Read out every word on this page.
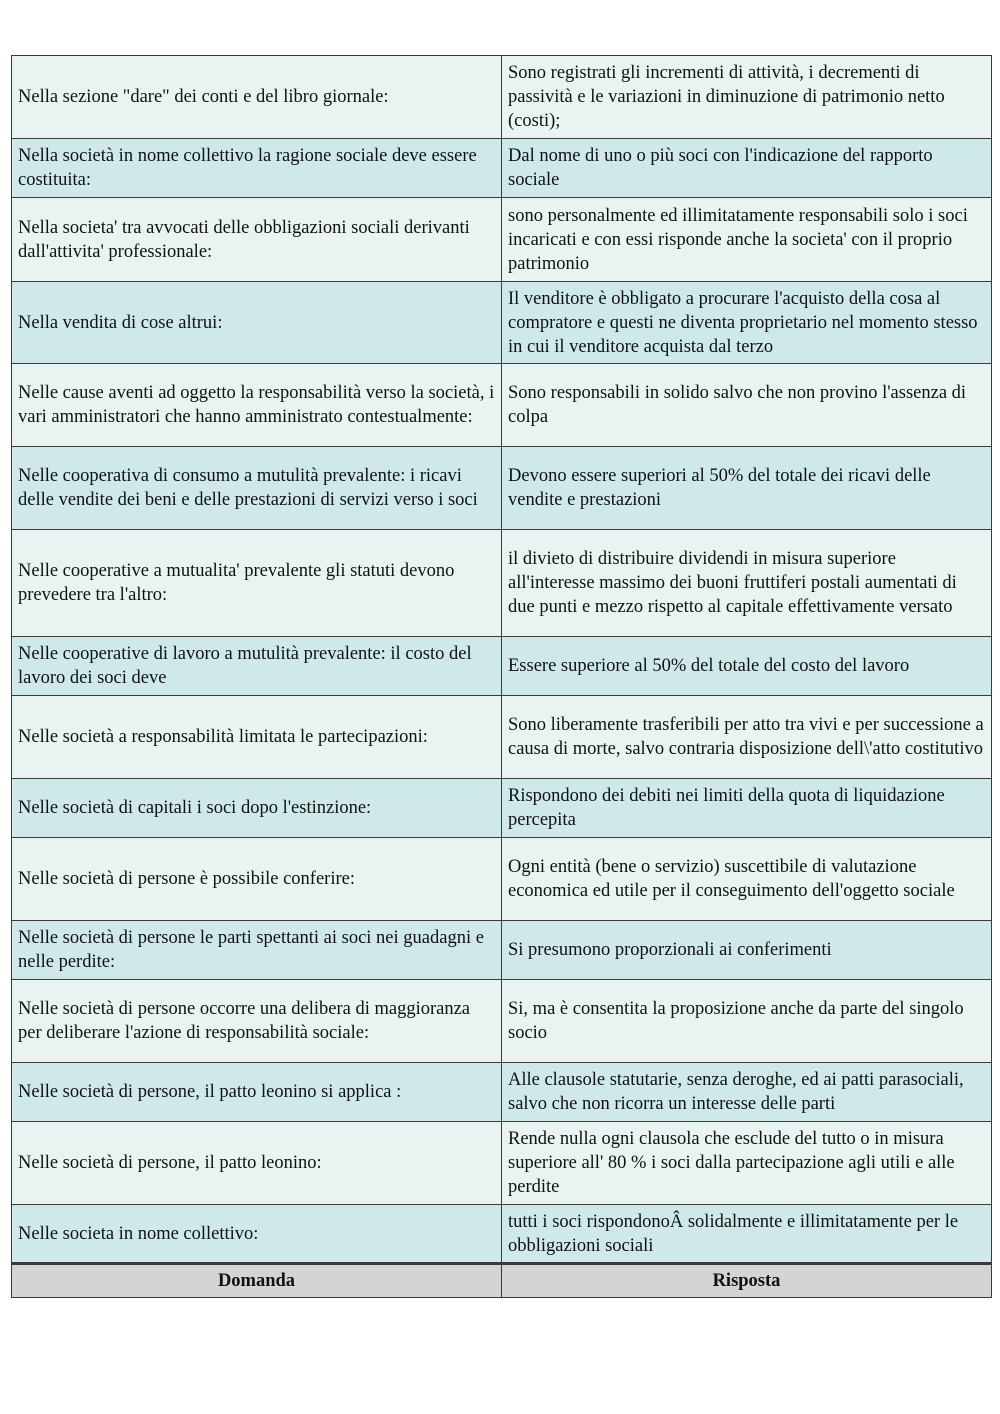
Nella sezione "dare" dei conti e del libro giornale:	Sono registrati gli incrementi di attività, i decrementi di passività e le variazioni in diminuzione di patrimonio netto (costi);
Nella società in nome collettivo la ragione sociale deve essere costituita:	Dal nome di uno o più soci con l'indicazione del rapporto sociale
Nella societa' tra avvocati delle obbligazioni sociali derivanti dall'attivita' professionale:	sono personalmente ed illimitatamente responsabili solo i soci incaricati e con essi risponde anche la societa' con il proprio patrimonio
Nella vendita di cose altrui:	Il venditore è obbligato a procurare l'acquisto della cosa al compratore e questi ne diventa proprietario nel momento stesso in cui il venditore acquista dal terzo
Nelle cause aventi ad oggetto la responsabilità verso la società, i vari amministratori che hanno amministrato contestualmente:	Sono responsabili in solido salvo che non provino l'assenza di colpa
Nelle cooperativa di consumo a mutulità prevalente: i ricavi delle vendite dei beni e delle prestazioni di servizi verso i soci	Devono essere superiori al 50% del totale dei ricavi delle vendite e prestazioni
Nelle cooperative a mutualita' prevalente gli statuti devono prevedere tra l'altro:	il divieto di distribuire dividendi in misura superiore all'interesse massimo dei buoni fruttiferi postali aumentati di due punti e mezzo rispetto al capitale effettivamente versato
Nelle cooperative di lavoro a mutulità prevalente: il costo del lavoro dei soci deve	Essere superiore al 50% del totale del costo del lavoro
Nelle società a responsabilità limitata le partecipazioni:	Sono liberamente trasferibili per atto tra vivi e per successione a causa di morte, salvo contraria disposizione dell\'atto costitutivo
Nelle società di capitali i soci dopo l'estinzione:	Rispondono dei debiti nei limiti della quota di liquidazione percepita
Nelle società di persone è possibile conferire:	Ogni entità (bene o servizio) suscettibile di valutazione economica ed utile per il conseguimento dell'oggetto sociale
Nelle società di persone le parti spettanti ai soci nei guadagni e nelle perdite:	Si presumono proporzionali ai conferimenti
Nelle società di persone occorre una delibera di maggioranza per deliberare l'azione di responsabilità sociale:	Si, ma è consentita la proposizione anche da parte del singolo socio
Nelle società di persone, il patto leonino si applica :	Alle clausole statutarie, senza deroghe, ed ai patti parasociali, salvo che non ricorra un interesse delle parti
Nelle società di persone, il patto leonino:	Rende nulla ogni clausola che esclude del tutto o in misura superiore all' 80 % i soci dalla partecipazione agli utili e alle perdite
Nelle societa in nome collettivo:	tutti i soci rispondonoÂ solidalmente e illimitatamente per le obbligazioni sociali
Domanda	Risposta
